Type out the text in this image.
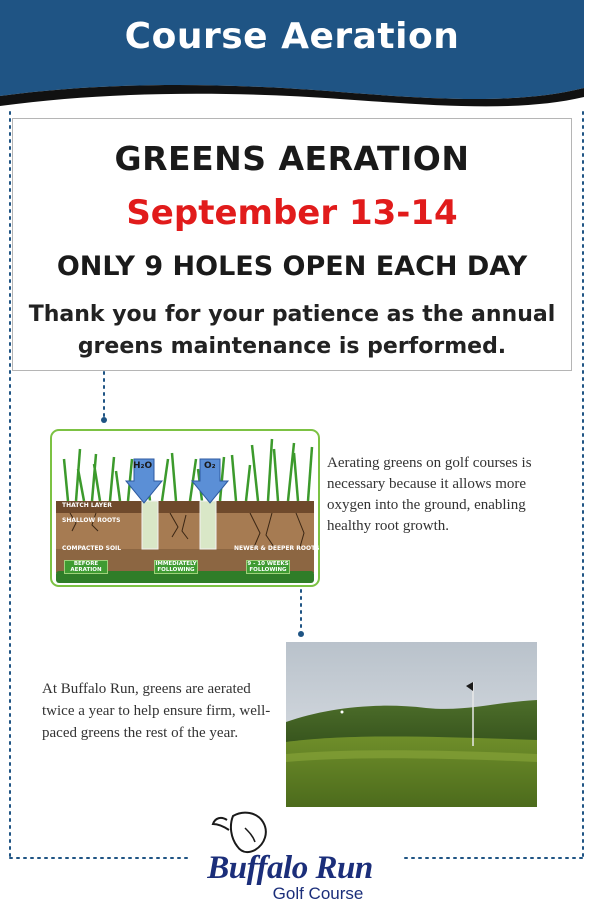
Course Aeration
GREENS AERATION
September 13-14
ONLY 9 HOLES OPEN EACH DAY
Thank you for your patience as the annual
greens maintenance is performed.
H₂O	O₂
THATCH LAYER
SHALLOW ROOTS
COMPACTED SOIL	NEWER & DEEPER ROOTS
BEFORE AERATION
IMMEDIATELY FOLLOWING
9 - 10 WEEKS FOLLOWING
Aerating greens on golf courses is necessary because it allows more oxygen into the ground, enabling healthy root growth.
At Buffalo Run, greens are aerated twice a year to help ensure firm, well-paced greens the rest of the year.
Buffalo Run
Golf Course
